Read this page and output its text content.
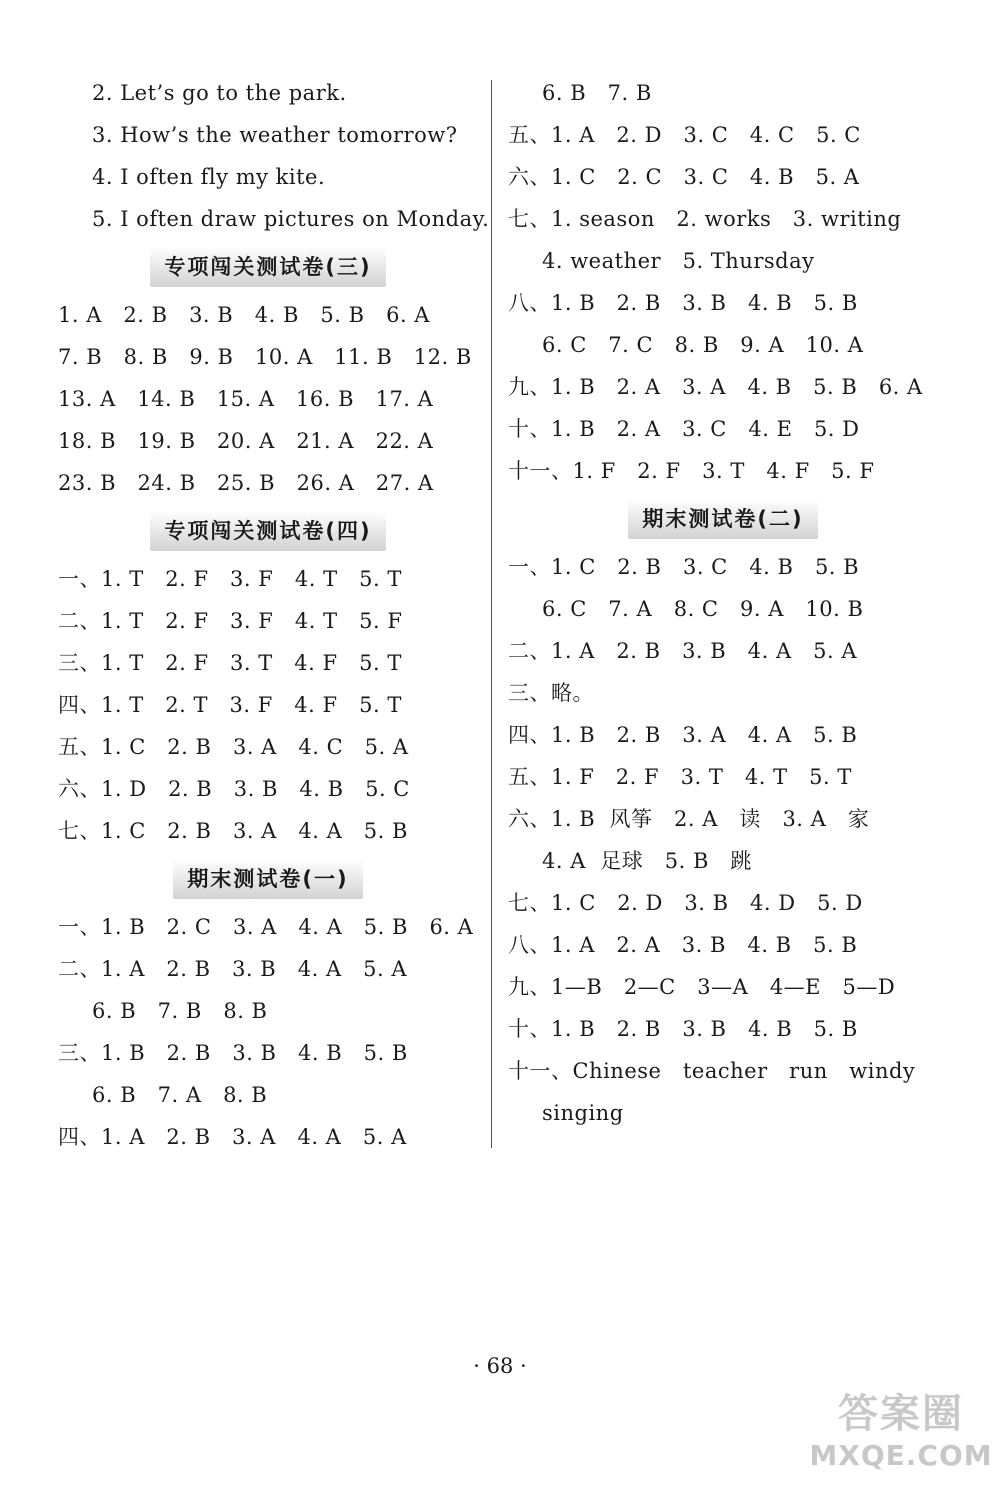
2. Let’s go to the park.
3. How’s the weather tomorrow?
4. I often fly my kite.
5. I often draw pictures on Monday.
专项闯关测试卷(三)
1. A   2. B   3. B   4. B   5. B   6. A
7. B   8. B   9. B   10. A   11. B   12. B
13. A   14. B   15. A   16. B   17. A
18. B   19. B   20. A   21. A   22. A
23. B   24. B   25. B   26. A   27. A
专项闯关测试卷(四)
一、1. T   2. F   3. F   4. T   5. T
二、1. T   2. F   3. F   4. T   5. F
三、1. T   2. F   3. T   4. F   5. T
四、1. T   2. T   3. F   4. F   5. T
五、1. C   2. B   3. A   4. C   5. A
六、1. D   2. B   3. B   4. B   5. C
七、1. C   2. B   3. A   4. A   5. B
期末测试卷(一)
一、1. B   2. C   3. A   4. A   5. B   6. A
二、1. A   2. B   3. B   4. A   5. A
6. B   7. B   8. B
三、1. B   2. B   3. B   4. B   5. B
6. B   7. A   8. B
四、1. A   2. B   3. A   4. A   5. A
6. B   7. B
五、1. A   2. D   3. C   4. C   5. C
六、1. C   2. C   3. C   4. B   5. A
七、1. season   2. works   3. writing
4. weather   5. Thursday
八、1. B   2. B   3. B   4. B   5. B
6. C   7. C   8. B   9. A   10. A
九、1. B   2. A   3. A   4. B   5. B   6. A
十、1. B   2. A   3. C   4. E   5. D
十一、1. F   2. F   3. T   4. F   5. F
期末测试卷(二)
一、1. C   2. B   3. C   4. B   5. B
6. C   7. A   8. C   9. A   10. B
二、1. A   2. B   3. B   4. A   5. A
三、略。
四、1. B   2. B   3. A   4. A   5. B
五、1. F   2. F   3. T   4. T   5. T
六、1. B  风筝   2. A   读   3. A   家
4. A  足球   5. B   跳
七、1. C   2. D   3. B   4. D   5. D
八、1. A   2. A   3. B   4. B   5. B
九、1—B   2—C   3—A   4—E   5—D
十、1. B   2. B   3. B   4. B   5. B
十一、Chinese   teacher   run   windy
singing
· 68 ·
答案圈
MXQE.COM
